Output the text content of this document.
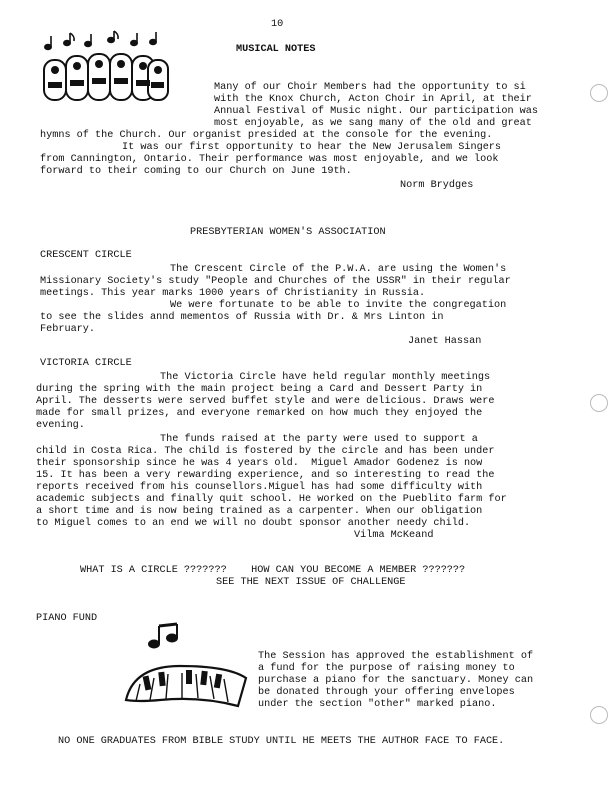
10
MUSICAL NOTES
Many of our Choir Members had the opportunity to si
with the Knox Church, Acton Choir in April, at their
Annual Festival of Music night. Our participation was
most enjoyable, as we sang many of the old and great
hymns of the Church. Our organist presided at the console for the evening.
It was our first opportunity to hear the New Jerusalem Singers
from Cannington, Ontario. Their performance was most enjoyable, and we look
forward to their coming to our Church on June 19th.
Norm Brydges
PRESBYTERIAN WOMEN'S ASSOCIATION
CRESCENT CIRCLE
The Crescent Circle of the P.W.A. are using the Women's
Missionary Society's study "People and Churches of the USSR" in their regular
meetings. This year marks 1000 years of Christianity in Russia.
We were fortunate to be able to invite the congregation
to see the slides annd mementos of Russia with Dr. & Mrs Linton in
February.
Janet Hassan
VICTORIA CIRCLE
The Victoria Circle have held regular monthly meetings
during the spring with the main project being a Card and Dessert Party in
April. The desserts were served buffet style and were delicious. Draws were
made for small prizes, and everyone remarked on how much they enjoyed the
evening.
The funds raised at the party were used to support a
child in Costa Rica. The child is fostered by the circle and has been under
their sponsorship since he was 4 years old.  Miguel Amador Godenez is now
15. It has been a very rewarding experience, and so interesting to read the
reports received from his counsellors.Miguel has had some difficulty with
academic subjects and finally quit school. He worked on the Pueblito farm for
a short time and is now being trained as a carpenter. When our obligation
to Miguel comes to an end we will no doubt sponsor another needy child.
Vilma McKeand
WHAT IS A CIRCLE ???????    HOW CAN YOU BECOME A MEMBER ???????
SEE THE NEXT ISSUE OF CHALLENGE
PIANO FUND
The Session has approved the establishment of
a fund for the purpose of raising money to
purchase a piano for the sanctuary. Money can
be donated through your offering envelopes
under the section "other" marked piano.
NO ONE GRADUATES FROM BIBLE STUDY UNTIL HE MEETS THE AUTHOR FACE TO FACE.
